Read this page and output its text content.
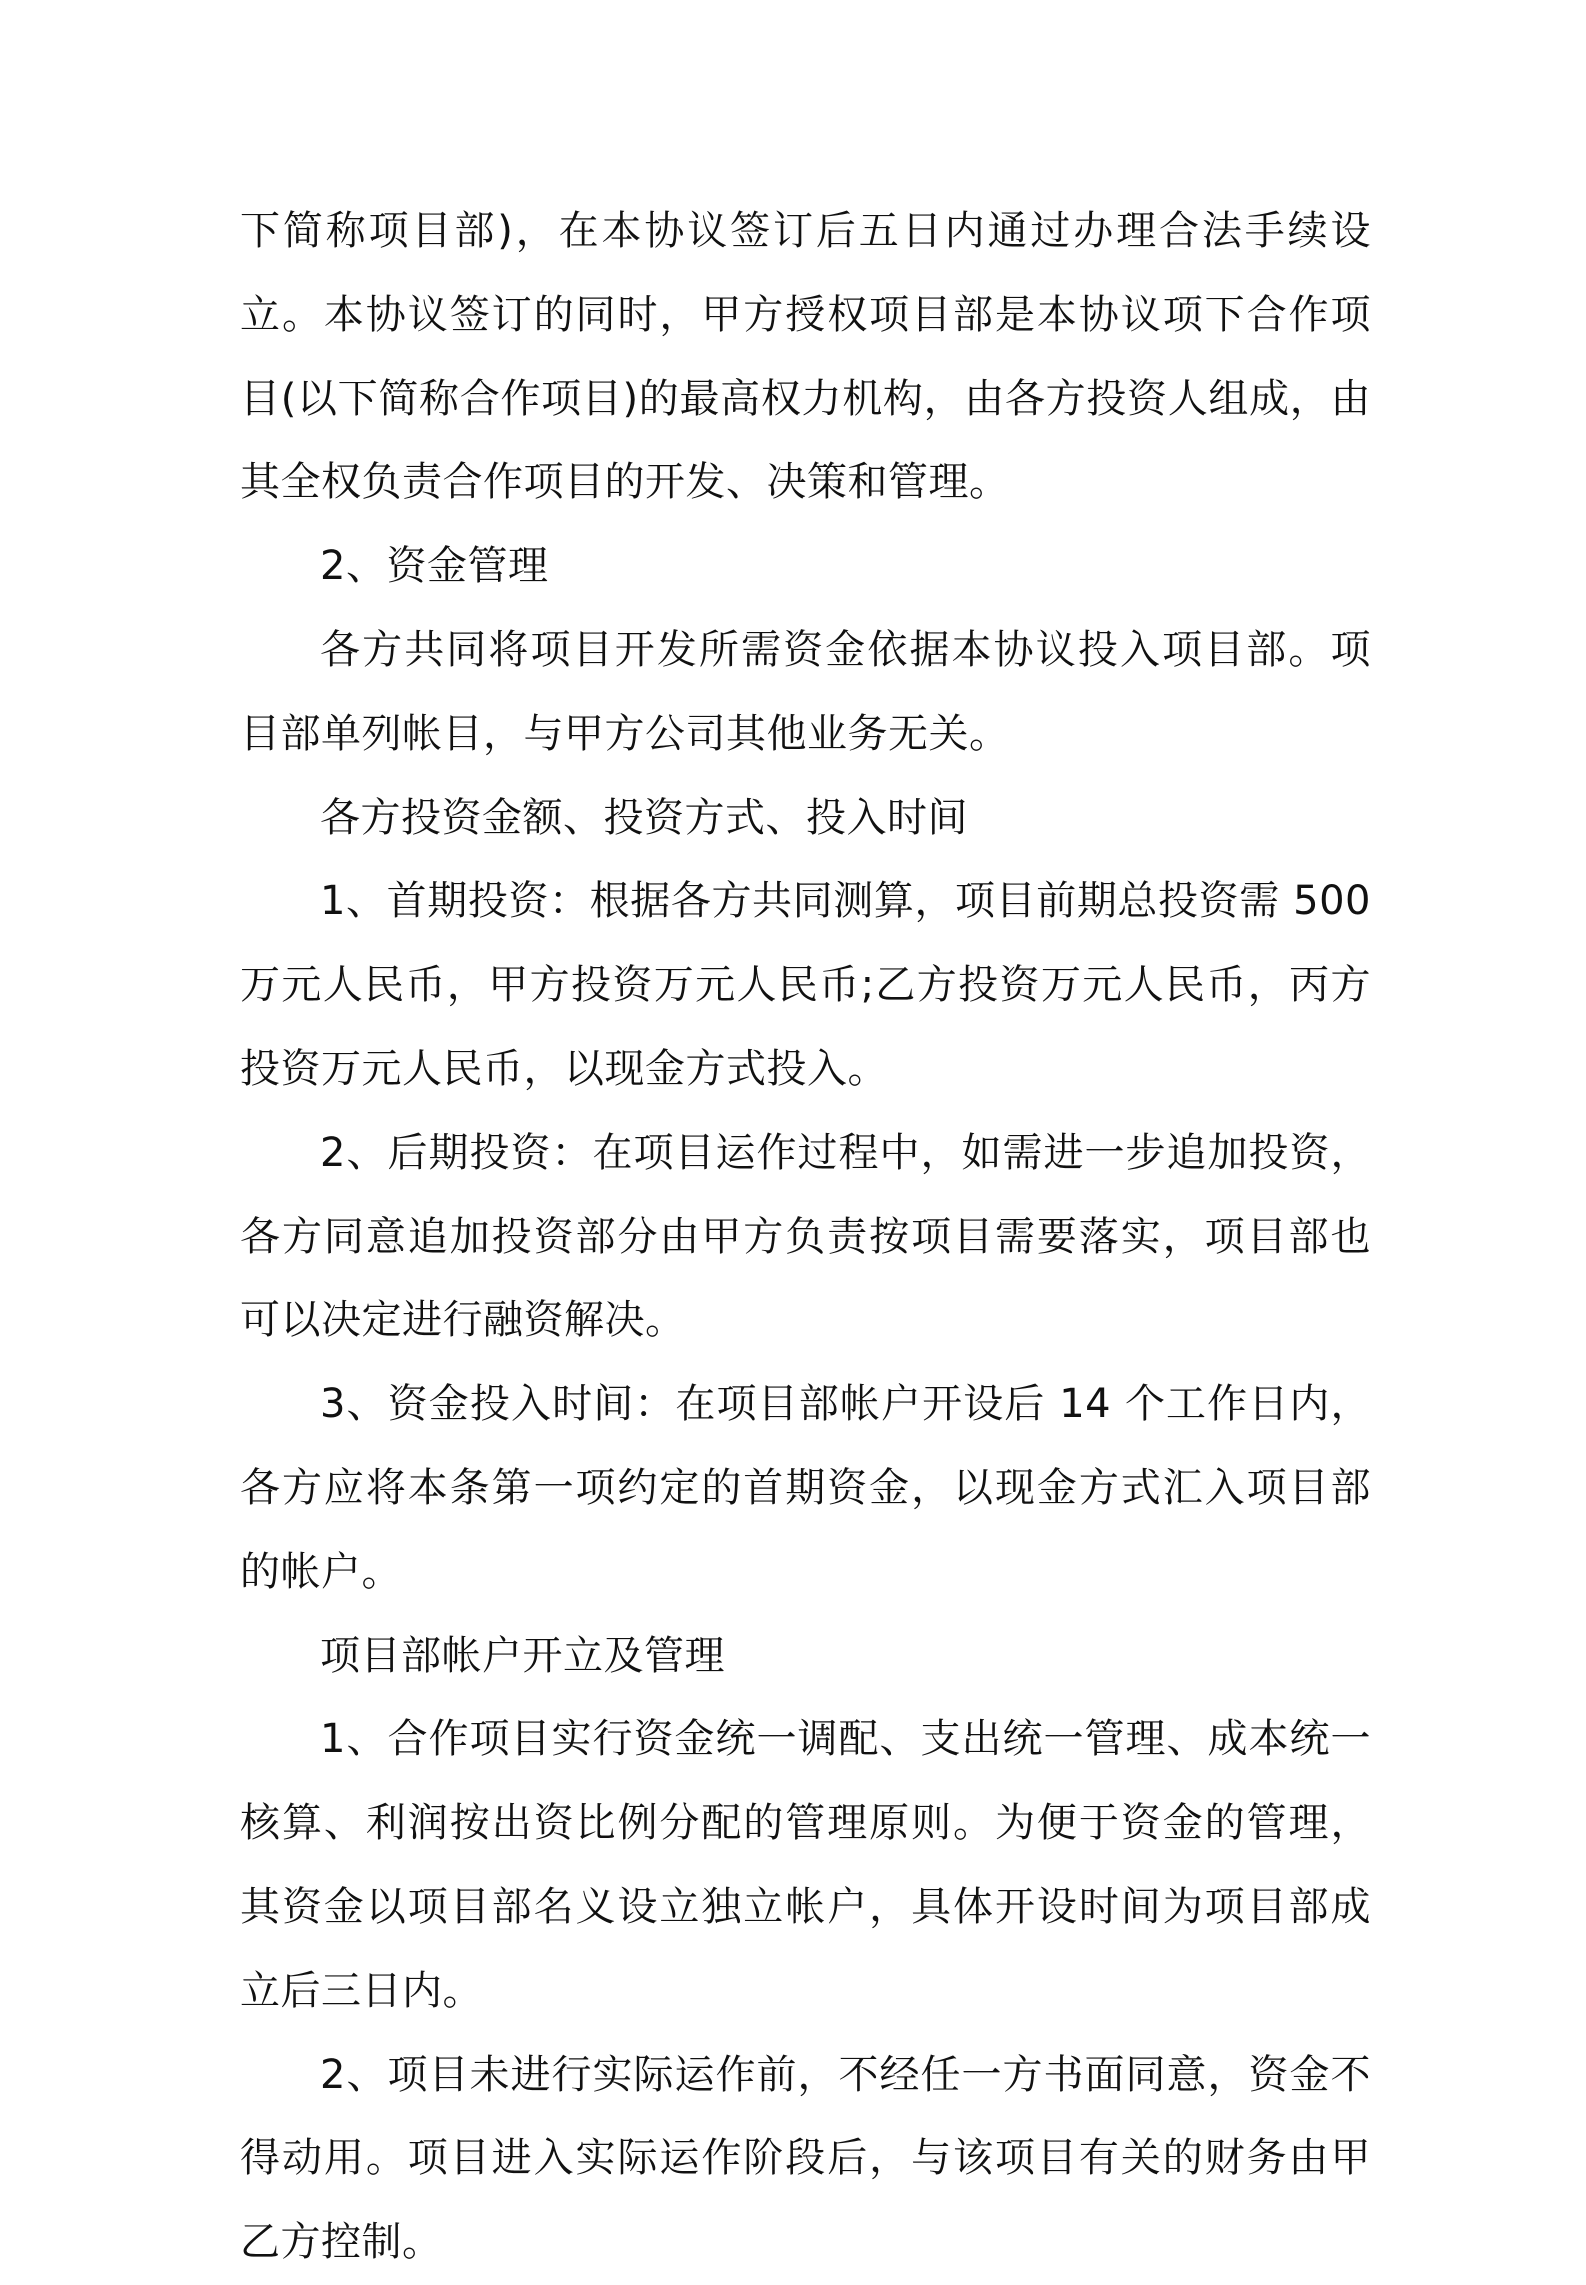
下简称项目部)，在本协议签订后五日内通过办理合法手续设立。本协议签订的同时，甲方授权项目部是本协议项下合作项目(以下简称合作项目)的最高权力机构，由各方投资人组成，由其全权负责合作项目的开发、决策和管理。

2、资金管理

各方共同将项目开发所需资金依据本协议投入项目部。项目部单列帐目，与甲方公司其他业务无关。

各方投资金额、投资方式、投入时间

1、首期投资：根据各方共同测算，项目前期总投资需 500 万元人民币，甲方投资万元人民币;乙方投资万元人民币，丙方投资万元人民币，以现金方式投入。

2、后期投资：在项目运作过程中，如需进一步追加投资，各方同意追加投资部分由甲方负责按项目需要落实，项目部也可以决定进行融资解决。

3、资金投入时间：在项目部帐户开设后 14 个工作日内，各方应将本条第一项约定的首期资金，以现金方式汇入项目部的帐户。

项目部帐户开立及管理

1、合作项目实行资金统一调配、支出统一管理、成本统一核算、利润按出资比例分配的管理原则。为便于资金的管理，其资金以项目部名义设立独立帐户，具体开设时间为项目部成立后三日内。

2、项目未进行实际运作前，不经任一方书面同意，资金不得动用。项目进入实际运作阶段后，与该项目有关的财务由甲乙方控制。
